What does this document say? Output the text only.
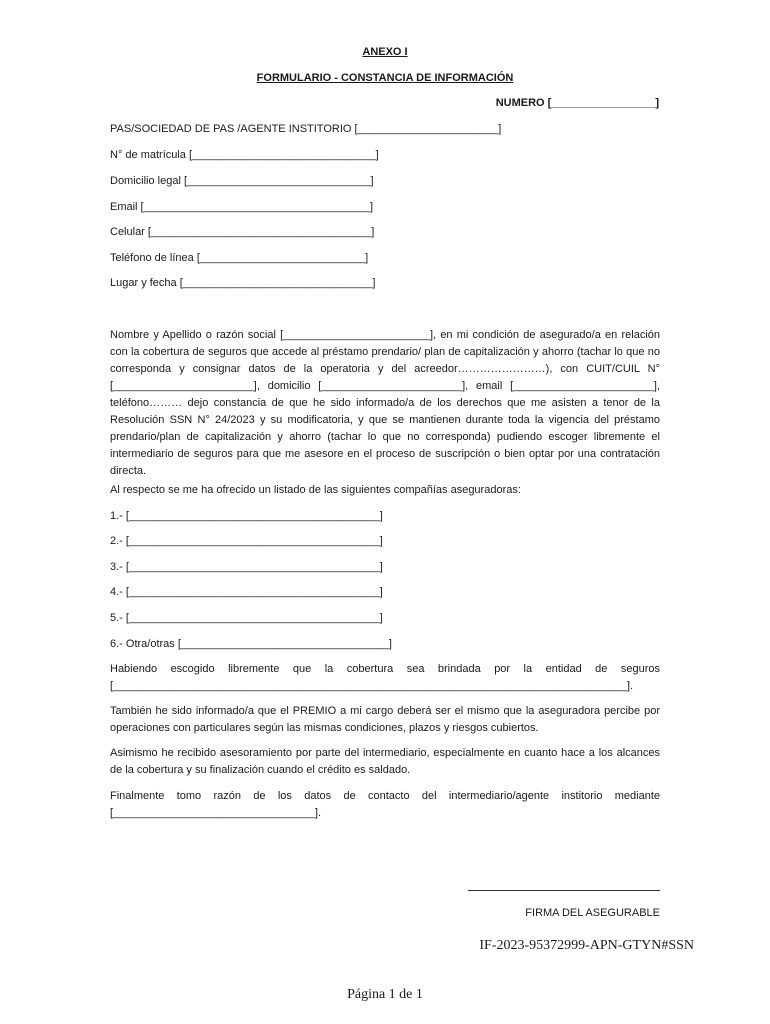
ANEXO I
FORMULARIO - CONSTANCIA DE INFORMACIÓN
NUMERO [_________________]
PAS/SOCIEDAD DE PAS /AGENTE INSTITORIO [_______________________]
N° de matrícula [______________________________]
Domicilio legal [______________________________]
Email [_____________________________________]
Celular [____________________________________]
Teléfono de línea [___________________________]
Lugar y fecha [_______________________________]

Nombre y Apellido o razón social [________________________], en mi condición de asegurado/a en relación con la cobertura de seguros que accede al préstamo prendario/ plan de capitalización y ahorro (tachar lo que no corresponda y consignar datos de la operatoria y del acreedor……………………), con CUIT/CUIL N° [_______________________], domicilio [_______________________], email [_______________________], teléfono……… dejo constancia de que he sido informado/a de los derechos que me asisten a tenor de la Resolución SSN N° 24/2023 y su modificatoria, y que se mantienen durante toda la vigencia del préstamo prendario/plan de capitalización y ahorro (tachar lo que no corresponda) pudiendo escoger libremente el intermediario de seguros para que me asesore en el proceso de suscripción o bien optar por una contratación directa.

Al respecto se me ha ofrecido un listado de las siguientes compañías aseguradoras:
1.- [_________________________________________]
2.- [_________________________________________]
3.- [_________________________________________]
4.- [_________________________________________]
5.- [_________________________________________]
6.- Otra/otras [__________________________________]

Habiendo escogido libremente que la cobertura sea brindada por la entidad de seguros [____________________________________________________________________________________].

También he sido informado/a que el PREMIO a mi cargo deberá ser el mismo que la aseguradora percibe por operaciones con particulares según las mismas condiciones, plazos y riesgos cubiertos.

Asimismo he recibido asesoramiento por parte del intermediario, especialmente en cuanto hace a los alcances de la cobertura y su finalización cuando el crédito es saldado.

Finalmente tomo razón de los datos de contacto del intermediario/agente institorio mediante [_________________________________].

FIRMA DEL ASEGURABLE
IF-2023-95372999-APN-GTYN#SSN
Página 1 de 1
